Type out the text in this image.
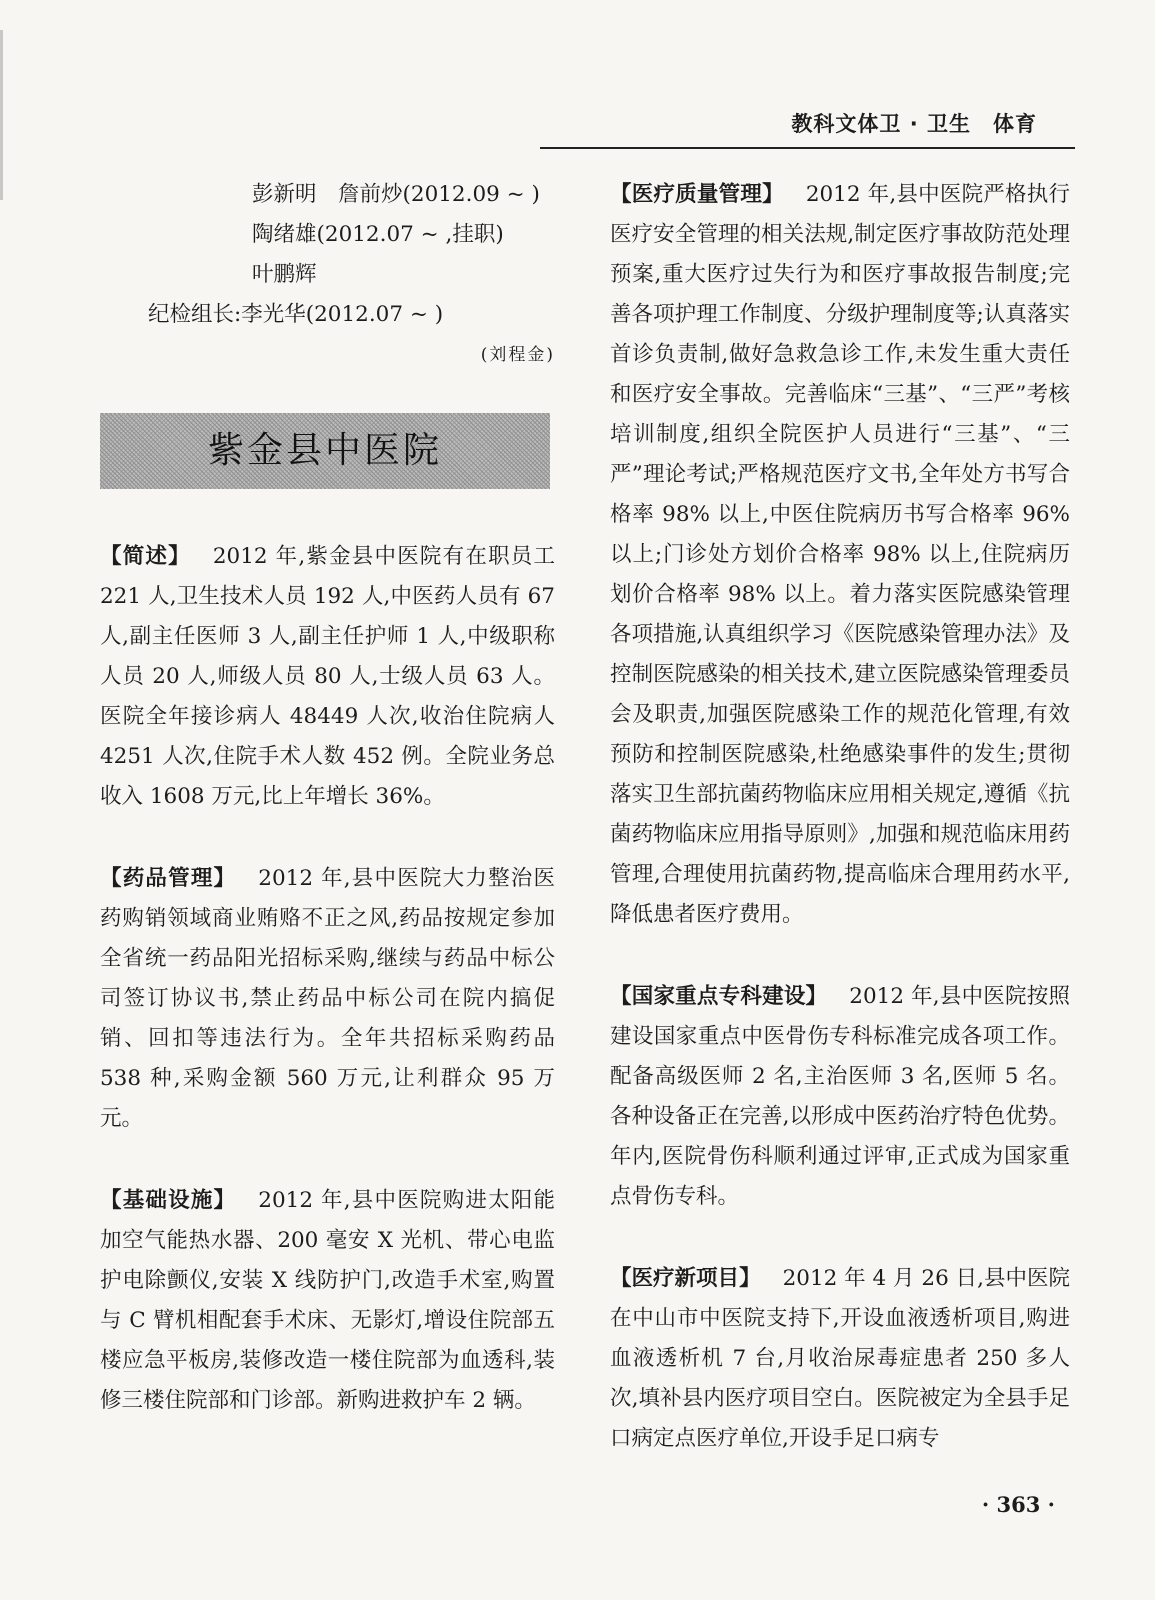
教科文体卫 · 卫生　体育
彭新明　詹前炒(2012.09 ~ )
陶绪雄(2012.07 ~ ,挂职)
叶鹏辉
纪检组长:李光华(2012.07 ~ )
(刘程金)
紫金县中医院

【简述】 2012 年,紫金县中医院有在职员工 221 人,卫生技术人员 192 人,中医药人员有 67 人,副主任医师 3 人,副主任护师 1 人,中级职称人员 20 人,师级人员 80 人,士级人员 63 人。医院全年接诊病人 48449 人次,收治住院病人 4251 人次,住院手术人数 452 例。全院业务总收入 1608 万元,比上年增长 36%。

【药品管理】 2012 年,县中医院大力整治医药购销领域商业贿赂不正之风,药品按规定参加全省统一药品阳光招标采购,继续与药品中标公司签订协议书,禁止药品中标公司在院内搞促销、回扣等违法行为。全年共招标采购药品 538 种,采购金额 560 万元,让利群众 95 万元。

【基础设施】 2012 年,县中医院购进太阳能加空气能热水器、200 毫安 X 光机、带心电监护电除颤仪,安装 X 线防护门,改造手术室,购置与 C 臂机相配套手术床、无影灯,增设住院部五楼应急平板房,装修改造一楼住院部为血透科,装修三楼住院部和门诊部。新购进救护车 2 辆。

【医疗质量管理】 2012 年,县中医院严格执行医疗安全管理的相关法规,制定医疗事故防范处理预案,重大医疗过失行为和医疗事故报告制度;完善各项护理工作制度、分级护理制度等;认真落实首诊负责制,做好急救急诊工作,未发生重大责任和医疗安全事故。完善临床“三基”、“三严”考核培训制度,组织全院医护人员进行“三基”、“三严”理论考试;严格规范医疗文书,全年处方书写合格率 98% 以上,中医住院病历书写合格率 96% 以上;门诊处方划价合格率 98% 以上,住院病历划价合格率 98% 以上。着力落实医院感染管理各项措施,认真组织学习《医院感染管理办法》及控制医院感染的相关技术,建立医院感染管理委员会及职责,加强医院感染工作的规范化管理,有效预防和控制医院感染,杜绝感染事件的发生;贯彻落实卫生部抗菌药物临床应用相关规定,遵循《抗菌药物临床应用指导原则》,加强和规范临床用药管理,合理使用抗菌药物,提高临床合理用药水平,降低患者医疗费用。

【国家重点专科建设】 2012 年,县中医院按照建设国家重点中医骨伤专科标准完成各项工作。配备高级医师 2 名,主治医师 3 名,医师 5 名。各种设备正在完善,以形成中医药治疗特色优势。年内,医院骨伤科顺利通过评审,正式成为国家重点骨伤专科。

【医疗新项目】 2012 年 4 月 26 日,县中医院在中山市中医院支持下,开设血液透析项目,购进血液透析机 7 台,月收治尿毒症患者 250 多人次,填补县内医疗项目空白。医院被定为全县手足口病定点医疗单位,开设手足口病专

· 363 ·
